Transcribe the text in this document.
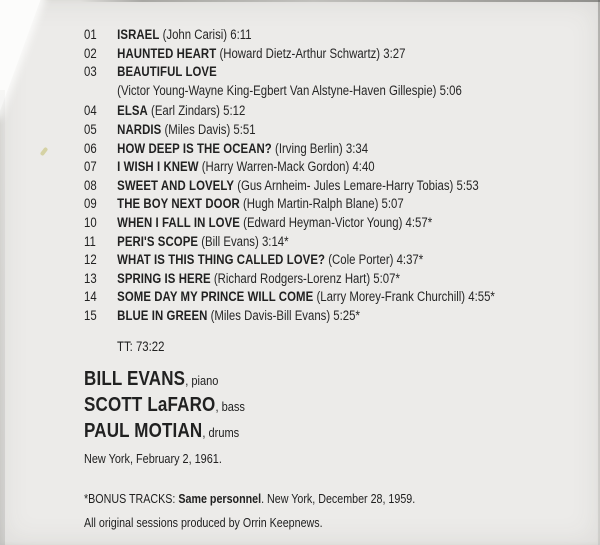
01 ISRAEL (John Carisi) 6:11
02 HAUNTED HEART (Howard Dietz-Arthur Schwartz) 3:27
03 BEAUTIFUL LOVE
(Victor Young-Wayne King-Egbert Van Alstyne-Haven Gillespie) 5:06
04 ELSA (Earl Zindars) 5:12
05 NARDIS (Miles Davis) 5:51
06 HOW DEEP IS THE OCEAN? (Irving Berlin) 3:34
07 I WISH I KNEW (Harry Warren-Mack Gordon) 4:40
08 SWEET AND LOVELY (Gus Arnheim- Jules Lemare-Harry Tobias) 5:53
09 THE BOY NEXT DOOR (Hugh Martin-Ralph Blane) 5:07
10 WHEN I FALL IN LOVE (Edward Heyman-Victor Young) 4:57*
11 PERI'S SCOPE (Bill Evans) 3:14*
12 WHAT IS THIS THING CALLED LOVE? (Cole Porter) 4:37*
13 SPRING IS HERE (Richard Rodgers-Lorenz Hart) 5:07*
14 SOME DAY MY PRINCE WILL COME (Larry Morey-Frank Churchill) 4:55*
15 BLUE IN GREEN (Miles Davis-Bill Evans) 5:25*
TT: 73:22
BILL EVANS, piano
SCOTT LaFARO, bass
PAUL MOTIAN, drums
New York, February 2, 1961.
*BONUS TRACKS: Same personnel. New York, December 28, 1959.
All original sessions produced by Orrin Keepnews.
